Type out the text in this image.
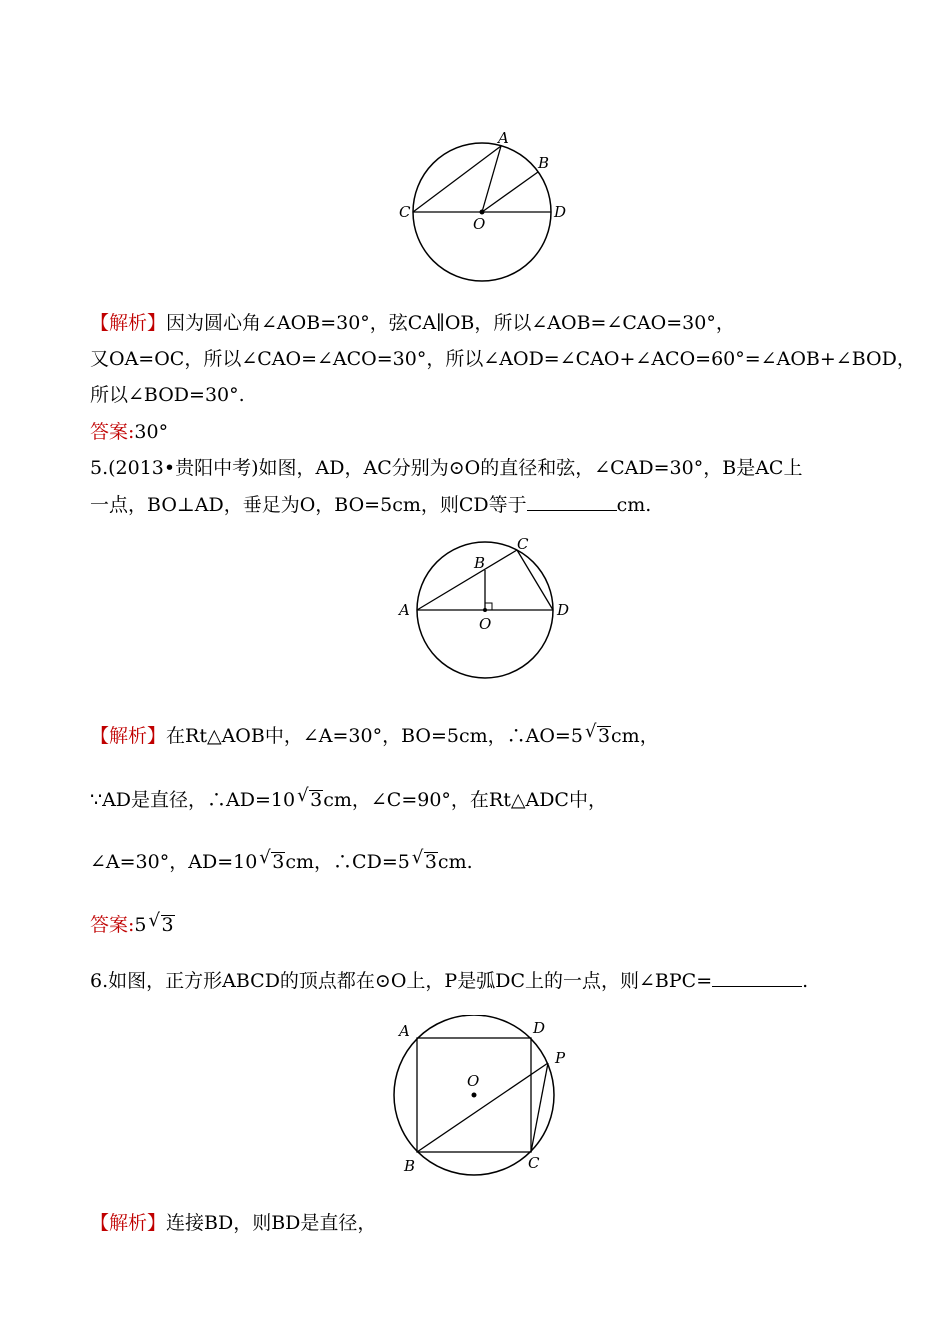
A
B
C	D
O
【解析】因为圆心角∠AOB=30°，弦CA∥OB，所以∠AOB=∠CAO=30°，
又OA=OC，所以∠CAO=∠ACO=30°，所以∠AOD=∠CAO+∠ACO=60°=∠AOB+∠BOD，
所以∠BOD=30°.
答案:30°
5.(2013•贵阳中考)如图，AD，AC分别为⊙O的直径和弦，∠CAD=30°，B是AC上
一点，BO⊥AD，垂足为O，BO=5cm，则CD等于	cm.
A
B
C
D
O
【解析】在Rt△AOB中，∠A=30°，BO=5cm，∴AO=5 √ 3cm，
∵AD是直径，∴AD=10 √ 3cm，∠C=90°，在Rt△ADC中，
∠A=30°，AD=10 √ 3cm，∴CD=5 √ 3cm.
答案:5 √ 3
6.如图，正方形ABCD的顶点都在⊙O上，P是弧DC上的一点，则∠BPC=	.
A
B	C
D
O
P
【解析】连接BD，则BD是直径，
